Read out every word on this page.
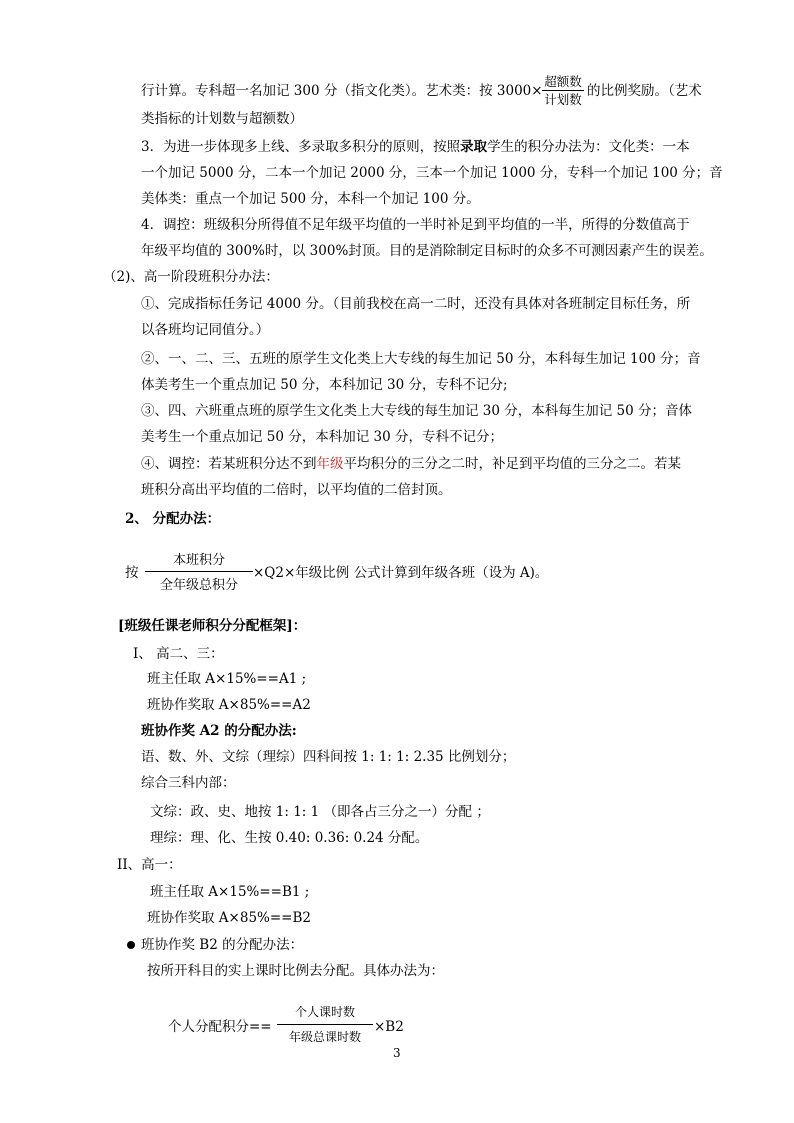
行计算。专科超一名加记 300 分（指文化类）。艺术类：按 3000×
超额数
计划数
的比例奖励。（艺术
类指标的计划数与超额数）
3．为进一步体现多上线、多录取多积分的原则，按照录取学生的积分办法为：文化类：一本
一个加记 5000 分，二本一个加记 2000 分，三本一个加记 1000 分，专科一个加记 100 分；音
美体类：重点一个加记 500 分，本科一个加记 100 分。
4．调控：班级积分所得值不足年级平均值的一半时补足到平均值的一半，所得的分数值高于
年级平均值的 300%时，以 300%封顶。目的是消除制定目标时的众多不可测因素产生的误差。
（2)、高一阶段班积分办法：
①、完成指标任务记 4000 分。（目前我校在高一二时，还没有具体对各班制定目标任务，所
以各班均记同值分。）
②、一、二、三、五班的原学生文化类上大专线的每生加记 50 分，本科每生加记 100 分；音
体美考生一个重点加记 50 分，本科加记 30 分，专科不记分;
③、四、六班重点班的原学生文化类上大专线的每生加记 30 分，本科每生加记 50 分；音体
美考生一个重点加记 50 分，本科加记 30 分，专科不记分；
④、调控：若某班积分达不到年级平均积分的三分之二时，补足到平均值的三分之二。若某
班积分高出平均值的二倍时，以平均值的二倍封顶。
2、 分配办法：
按
本班积分
全年级总积分
×Q2×年级比例 公式计算到年级各班（设为 A)。
[班级任课老师积分分配框架]：
I、 高二、三：
班主任取 A×15%==A1 ;
班协作奖取 A×85%==A2
班协作奖 A2 的分配办法:
语、数、外、文综（理综）四科间按 1: 1: 1: 2.35 比例划分；
综合三科内部：
文综：政、史、地按 1: 1: 1 （即各占三分之一）分配 ；
理综：理、化、生按 0.40: 0.36: 0.24 分配。
II、高一：
班主任取 A×15%==B1 ;
班协作奖取 A×85%==B2
班协作奖 B2 的分配办法：
按所开科目的实上课时比例去分配。具体办法为：
个人分配积分==
个人课时数
年级总课时数
×B2
3
